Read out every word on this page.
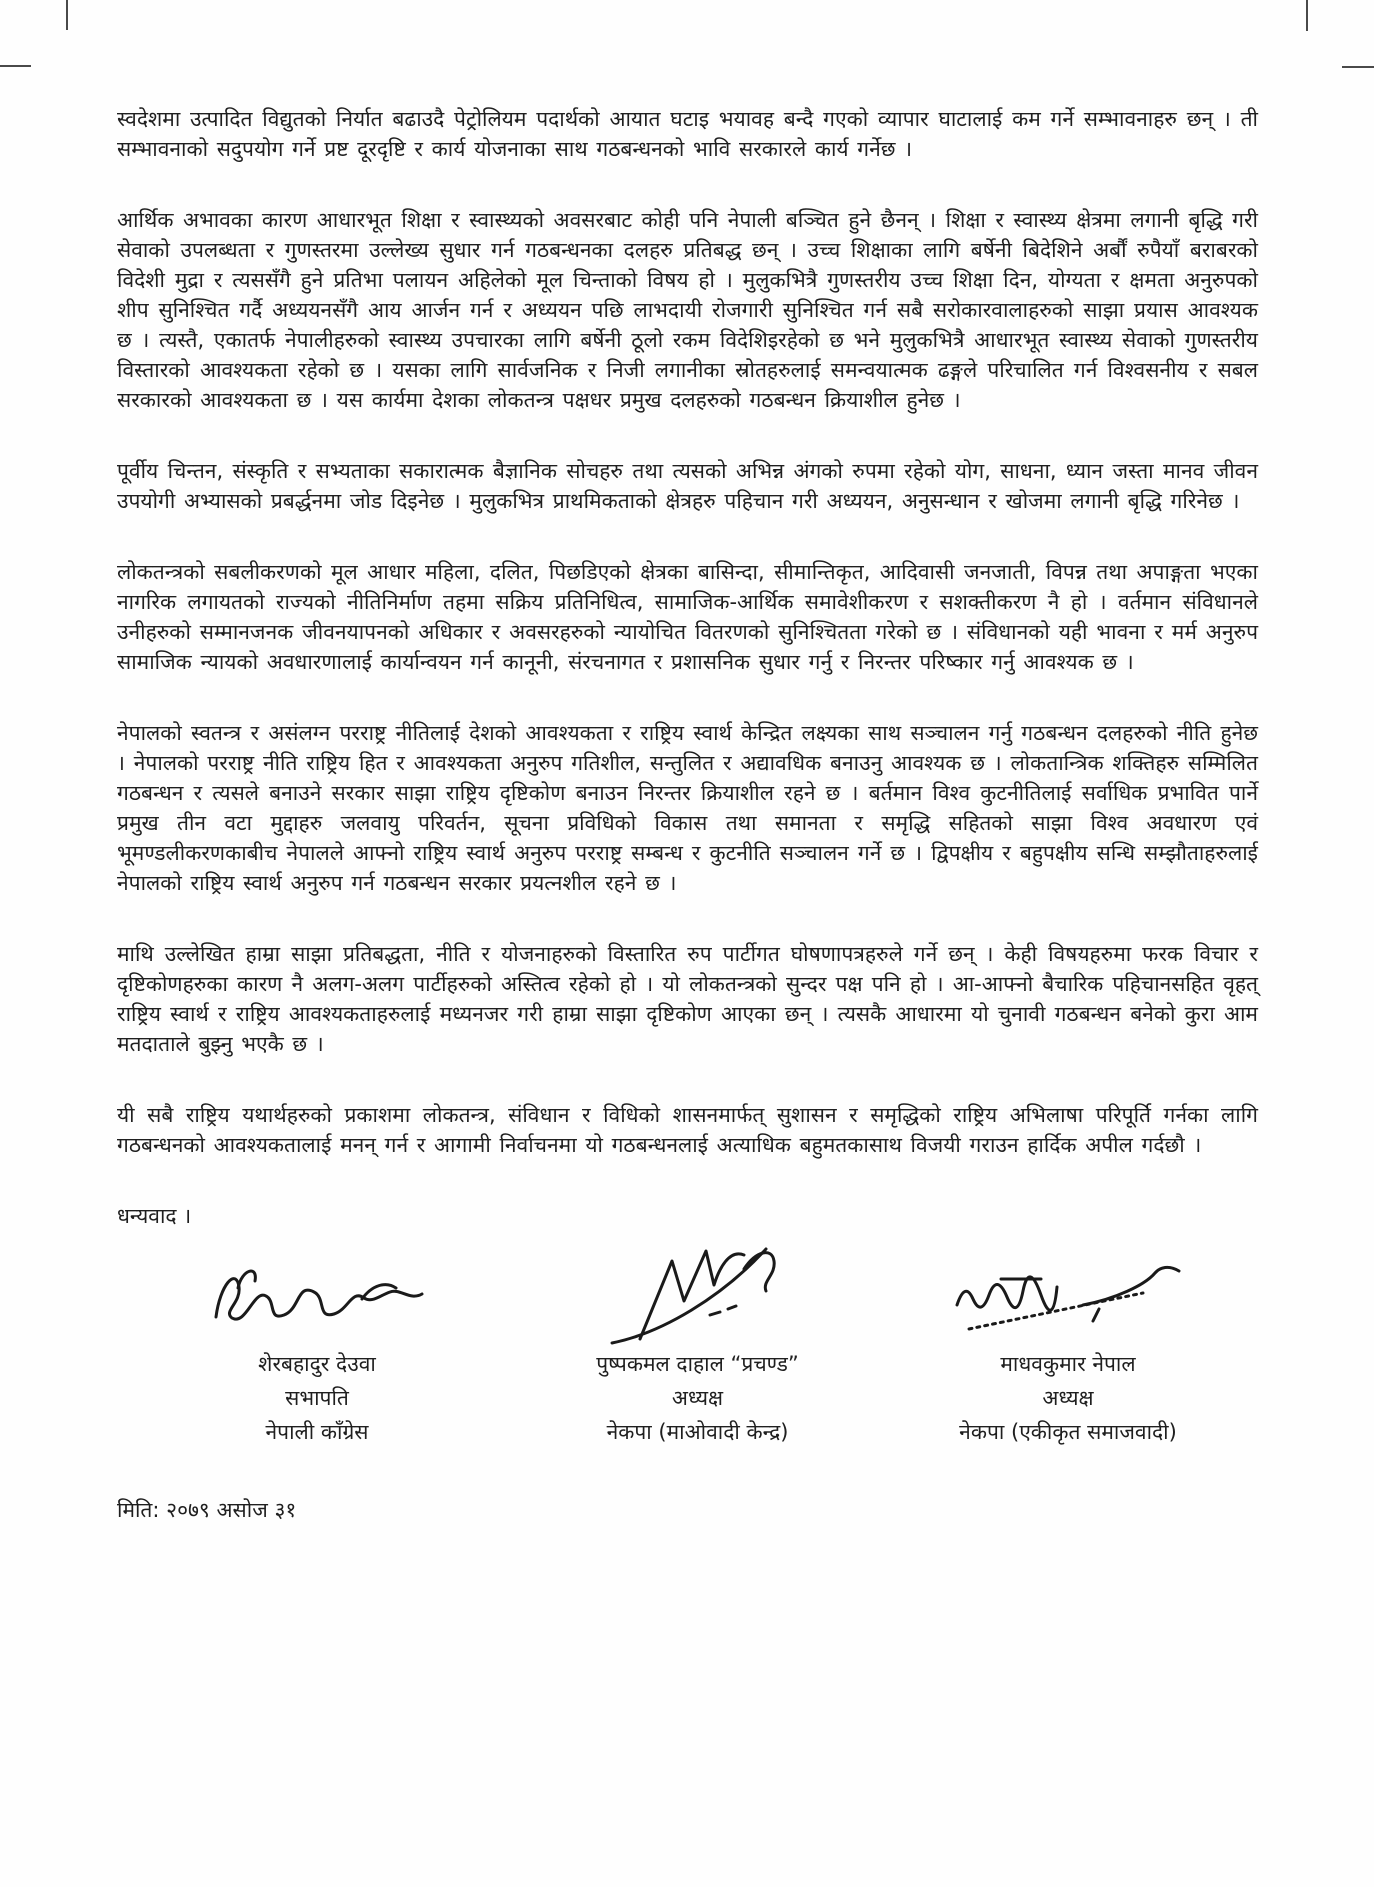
स्वदेशमा उत्पादित विद्युतको निर्यात बढाउदै पेट्रोलियम पदार्थको आयात घटाइ भयावह बन्दै गएको व्यापार घाटालाई कम गर्ने सम्भावनाहरु छन् । ती सम्भावनाको सदुपयोग गर्ने प्रष्ट दूरदृष्टि र कार्य योजनाका साथ गठबन्धनको भावि सरकारले कार्य गर्नेछ ।

आर्थिक अभावका कारण आधारभूत शिक्षा र स्वास्थ्यको अवसरबाट कोही पनि नेपाली बञ्चित हुने छैनन् । शिक्षा र स्वास्थ्य क्षेत्रमा लगानी बृद्धि गरी सेवाको उपलब्धता र गुणस्तरमा उल्लेख्य सुधार गर्न गठबन्धनका दलहरु प्रतिबद्ध छन् । उच्च शिक्षाका लागि बर्षेनी बिदेशिने अर्बौं रुपैयाँ बराबरको विदेशी मुद्रा र त्यससँगै हुने प्रतिभा पलायन अहिलेको मूल चिन्ताको विषय हो । मुलुकभित्रै गुणस्तरीय उच्च शिक्षा दिन, योग्यता र क्षमता अनुरुपको शीप सुनिश्चित गर्दै अध्ययनसँगै आय आर्जन गर्न र अध्ययन पछि लाभदायी रोजगारी सुनिश्चित गर्न सबै सरोकारवालाहरुको साझा प्रयास आवश्यक छ । त्यस्तै, एकातर्फ नेपालीहरुको स्वास्थ्य उपचारका लागि बर्षेनी ठूलो रकम विदेशिइरहेको छ भने मुलुकभित्रै आधारभूत स्वास्थ्य सेवाको गुणस्तरीय विस्तारको आवश्यकता रहेको छ । यसका लागि सार्वजनिक र निजी लगानीका स्रोतहरुलाई समन्वयात्मक ढङ्गले परिचालित गर्न विश्वसनीय र सबल सरकारको आवश्यकता छ । यस कार्यमा देशका लोकतन्त्र पक्षधर प्रमुख दलहरुको गठबन्धन क्रियाशील हुनेछ ।

पूर्वीय चिन्तन, संस्कृति र सभ्यताका सकारात्मक बैज्ञानिक सोचहरु तथा त्यसको अभिन्न अंगको रुपमा रहेको योग, साधना, ध्यान जस्ता मानव जीवन उपयोगी अभ्यासको प्रबर्द्धनमा जोड दिइनेछ । मुलुकभित्र प्राथमिकताको क्षेत्रहरु पहिचान गरी अध्ययन, अनुसन्धान र खोजमा लगानी बृद्धि गरिनेछ ।

लोकतन्त्रको सबलीकरणको मूल आधार महिला, दलित, पिछडिएको क्षेत्रका बासिन्दा, सीमान्तिकृत, आदिवासी जनजाती, विपन्न तथा अपाङ्गता भएका नागरिक लगायतको राज्यको नीतिनिर्माण तहमा सक्रिय प्रतिनिधित्व, सामाजिक-आर्थिक समावेशीकरण र सशक्तीकरण नै हो । वर्तमान संविधानले उनीहरुको सम्मानजनक जीवनयापनको अधिकार र अवसरहरुको न्यायोचित वितरणको सुनिश्चितता गरेको छ । संविधानको यही भावना र मर्म अनुरुप सामाजिक न्यायको अवधारणालाई कार्यान्वयन गर्न कानूनी, संरचनागत र प्रशासनिक सुधार गर्नु र निरन्तर परिष्कार गर्नु आवश्यक छ ।

नेपालको स्वतन्त्र र असंलग्न परराष्ट्र नीतिलाई देशको आवश्यकता र राष्ट्रिय स्वार्थ केन्द्रित लक्ष्यका साथ सञ्चालन गर्नु गठबन्धन दलहरुको नीति हुनेछ । नेपालको परराष्ट्र नीति राष्ट्रिय हित र आवश्यकता अनुरुप गतिशील, सन्तुलित र अद्यावधिक बनाउनु आवश्यक छ । लोकतान्त्रिक शक्तिहरु सम्मिलित गठबन्धन र त्यसले बनाउने सरकार साझा राष्ट्रिय दृष्टिकोण बनाउन निरन्तर क्रियाशील रहने छ । बर्तमान विश्व कुटनीतिलाई सर्वाधिक प्रभावित पार्ने प्रमुख तीन वटा मुद्दाहरु जलवायु परिवर्तन, सूचना प्रविधिको विकास तथा समानता र समृद्धि सहितको साझा विश्व अवधारण एवं भूमण्डलीकरणकाबीच नेपालले आफ्नो राष्ट्रिय स्वार्थ अनुरुप परराष्ट्र सम्बन्ध र कुटनीति सञ्चालन गर्ने छ । द्विपक्षीय र बहुपक्षीय सन्धि सम्झौताहरुलाई नेपालको राष्ट्रिय स्वार्थ अनुरुप गर्न गठबन्धन सरकार प्रयत्नशील रहने छ ।

माथि उल्लेखित हाम्रा साझा प्रतिबद्धता, नीति र योजनाहरुको विस्तारित रुप पार्टीगत घोषणापत्रहरुले गर्ने छन् । केही विषयहरुमा फरक विचार र दृष्टिकोणहरुका कारण नै अलग-अलग पार्टीहरुको अस्तित्व रहेको हो । यो लोकतन्त्रको सुन्दर पक्ष पनि हो । आ-आफ्नो बैचारिक पहिचानसहित वृहत् राष्ट्रिय स्वार्थ र राष्ट्रिय आवश्यकताहरुलाई मध्यनजर गरी हाम्रा साझा दृष्टिकोण आएका छन् । त्यसकै आधारमा यो चुनावी गठबन्धन बनेको कुरा आम मतदाताले बुझ्नु भएकै छ ।

यी सबै राष्ट्रिय यथार्थहरुको प्रकाशमा लोकतन्त्र, संविधान र विधिको शासनमार्फत् सुशासन र समृद्धिको राष्ट्रिय अभिलाषा परिपूर्ति गर्नका लागि गठबन्धनको आवश्यकतालाई मनन् गर्न र आगामी निर्वाचनमा यो गठबन्धनलाई अत्याधिक बहुमतकासाथ विजयी गराउन हार्दिक अपील गर्दछौ ।

धन्यवाद ।

शेरबहादुर देउवा
सभापति
नेपाली काँग्रेस
पुष्पकमल दाहाल “प्रचण्ड”
अध्यक्ष
नेकपा (माओवादी केन्द्र)
माधवकुमार नेपाल
अध्यक्ष
नेकपा (एकीकृत समाजवादी)

मिति: २०७९ असोज ३१
